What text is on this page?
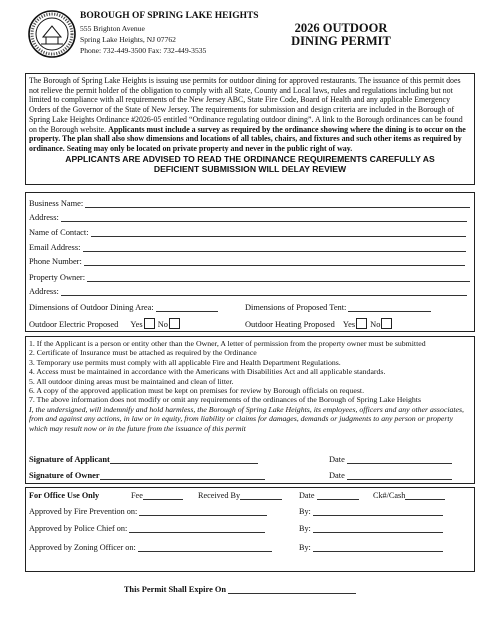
BOROUGH OF SPRING LAKE HEIGHTS
555 Brighton Avenue
Spring Lake Heights, NJ 07762
Phone: 732-449-3500 Fax: 732-449-3535
2026 OUTDOOR
DINING PERMIT

The Borough of Spring Lake Heights is issuing use permits for outdoor dining for approved restaurants. The issuance of this permit does not relieve the permit holder of the obligation to comply with all State, County and Local laws, rules and regulations including but not limited to compliance with all requirements of the New Jersey ABC, State Fire Code, Board of Health and any applicable Emergency Orders of the Governor of the State of New Jersey. The requirements for submission and design criteria are included in the Borough of Spring Lake Heights Ordinance #2026-05 entitled “Ordinance regulating outdoor dining”. A link to the Borough ordinances can be found on the Borough website. Applicants must include a survey as required by the ordinance showing where the dining is to occur on the property. The plan shall also show dimensions and locations of all tables, chairs, and fixtures and such other items as required by ordinance. Seating may only be located on private property and never in the public right of way.

APPLICANTS ARE ADVISED TO READ THE ORDINANCE REQUIREMENTS CAREFULLY AS
DEFICIENT SUBMISSION WILL DELAY REVIEW
Business Name:
Address:
Name of Contact:
Email Address:
Phone Number:
Property Owner:
Address:
Dimensions of Outdoor Dining Area:	Dimensions of Proposed Tent:
Outdoor Electric Proposed Yes No	Outdoor Heating Proposed Yes No

1. If the Applicant is a person or entity other than the Owner, A letter of permission from the property owner must be submitted

2. Certificate of Insurance must be attached as required by the Ordinance

3. Temporary use permits must comply with all applicable Fire and Health Department Regulations.

4. Access must be maintained in accordance with the Americans with Disabilities Act and all applicable standards.

5. All outdoor dining areas must be maintained and clean of litter.

6. A copy of the approved application must be kept on premises for review by Borough officials on request.

7. The above information does not modify or omit any requirements of the ordinances of the Borough of Spring Lake Heights

I, the undersigned, will indemnify and hold harmless, the Borough of Spring Lake Heights, its employees, officers and any other associates, from and against any actions, in law or in equity, from liability or claims for damages, demands or judgments to any person or property which may result now or in the future from the issuance of this permit

Signature of Applicant	Date
Signature of Owner	Date
For Office Use Only	Fee	Received By	Date	Ck#/Cash
Approved by Fire Prevention on:	By:
Approved by Police Chief on:	By:
Approved by Zoning Officer on:	By:
This Permit Shall Expire On
